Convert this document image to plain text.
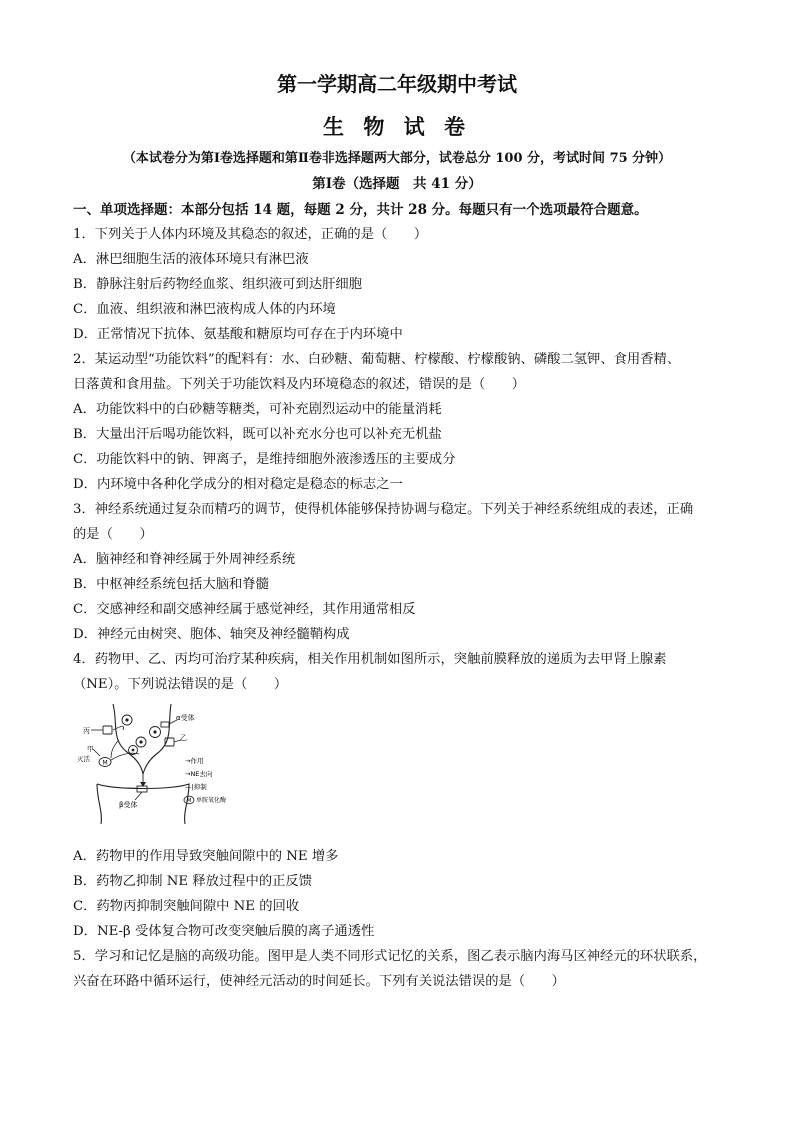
第一学期高二年级期中考试
生 物 试 卷
（本试卷分为第Ⅰ卷选择题和第Ⅱ卷非选择题两大部分，试卷总分 100 分，考试时间 75 分钟）
第Ⅰ卷（选择题　共 41 分）
一、单项选择题：本部分包括 14 题，每题 2 分，共计 28 分。每题只有一个选项最符合题意。
1．下列关于人体内环境及其稳态的叙述，正确的是（　　）
A．淋巴细胞生活的液体环境只有淋巴液
B．静脉注射后药物经血浆、组织液可到达肝细胞
C．血液、组织液和淋巴液构成人体的内环境
D．正常情况下抗体、氨基酸和糖原均可存在于内环境中
2．某运动型“功能饮料”的配料有：水、白砂糖、葡萄糖、柠檬酸、柠檬酸钠、磷酸二氢钾、食用香精、
日落黄和食用盐。下列关于功能饮料及内环境稳态的叙述，错误的是（　　）
A．功能饮料中的白砂糖等糖类，可补充剧烈运动中的能量消耗
B．大量出汗后喝功能饮料，既可以补充水分也可以补充无机盐
C．功能饮料中的钠、钾离子，是维持细胞外液渗透压的主要成分
D．内环境中各种化学成分的相对稳定是稳态的标志之一
3．神经系统通过复杂而精巧的调节，使得机体能够保持协调与稳定。下列关于神经系统组成的表述，正确
的是（　　）
A．脑神经和脊神经属于外周神经系统
B．中枢神经系统包括大脑和脊髓
C．交感神经和副交感神经属于感觉神经，其作用通常相反
D．神经元由树突、胞体、轴突及神经髓鞘构成
4．药物甲、乙、丙均可治疗某种疾病，相关作用机制如图所示，突触前膜释放的递质为去甲肾上腺素
（NE）。下列说法错误的是（　　）
α受体
乙
丙
甲
灭活 M
β受体
→作用
→NE去向
—|抑制
M 单胺氧化酶
A．药物甲的作用导致突触间隙中的 NE 增多
B．药物乙抑制 NE 释放过程中的正反馈
C．药物丙抑制突触间隙中 NE 的回收
D．NE-β 受体复合物可改变突触后膜的离子通透性
5．学习和记忆是脑的高级功能。图甲是人类不同形式记忆的关系，图乙表示脑内海马区神经元的环状联系，
兴奋在环路中循环运行，使神经元活动的时间延长。下列有关说法错误的是（　　）
